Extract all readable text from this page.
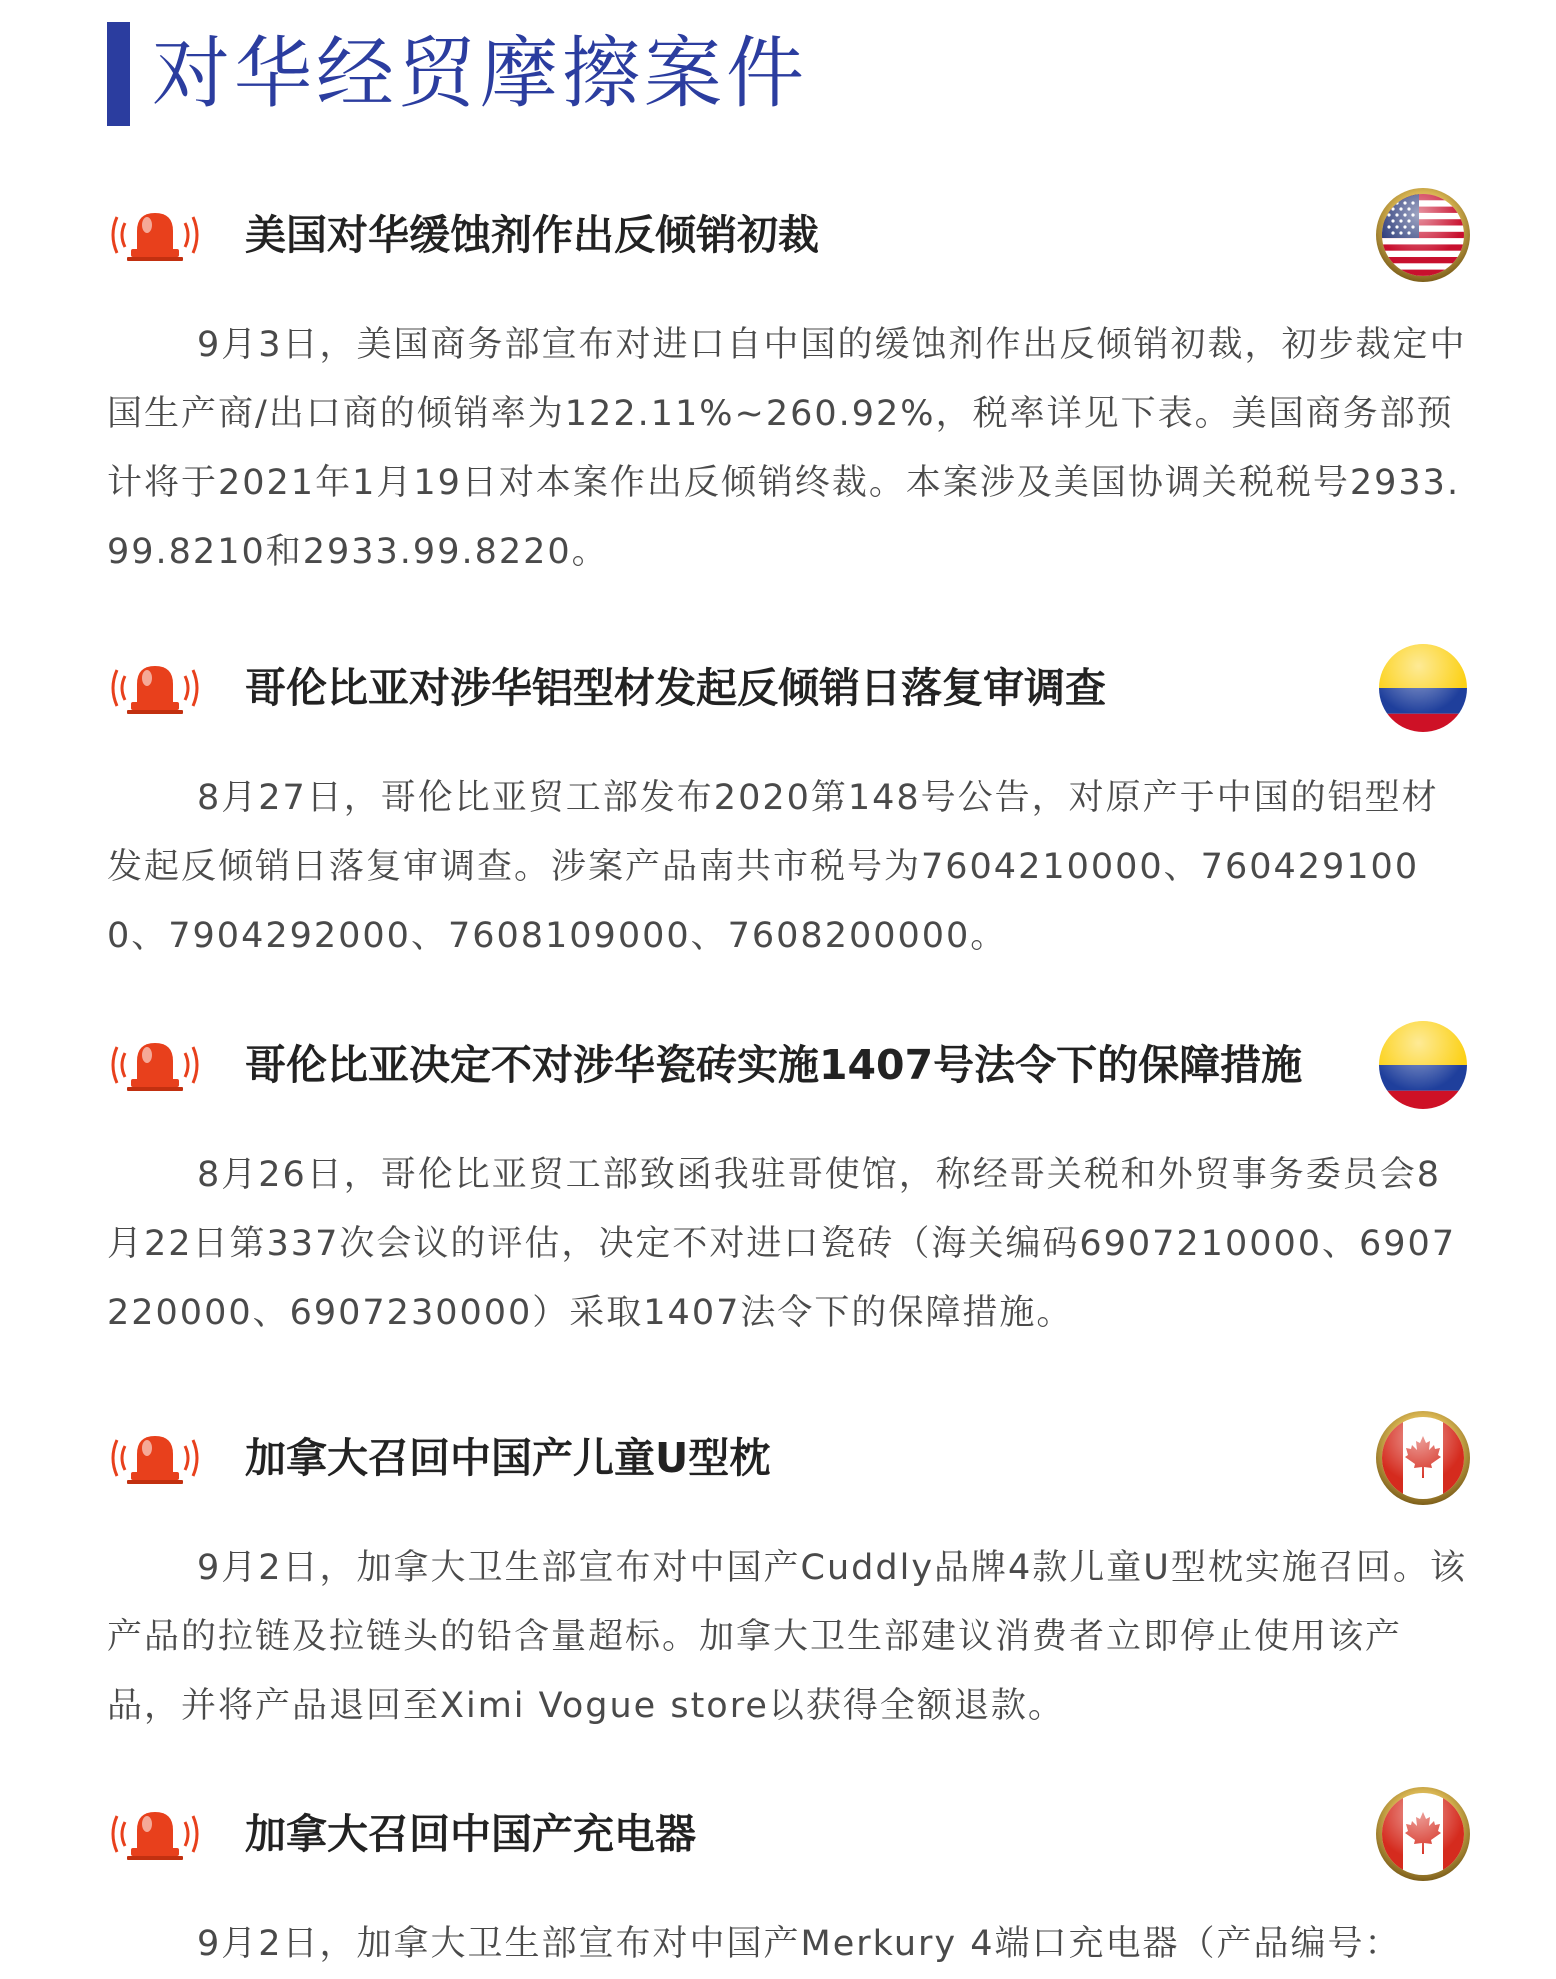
对华经贸摩擦案件
美国对华缓蚀剂作出反倾销初裁

9月3日，美国商务部宣布对进口自中国的缓蚀剂作出反倾销初裁，初步裁定中国生产商/出口商的倾销率为122.11%~260.92%，税率详见下表。美国商务部预计将于2021年1月19日对本案作出反倾销终裁。本案涉及美国协调关税税号2933.99.8210和2933.99.8220。

哥伦比亚对涉华铝型材发起反倾销日落复审调查

8月27日，哥伦比亚贸工部发布2020第148号公告，对原产于中国的铝型材发起反倾销日落复审调查。涉案产品南共市税号为7604210000、7604291000、7904292000、7608109000、7608200000。

哥伦比亚决定不对涉华瓷砖实施1407号法令下的保障措施

8月26日，哥伦比亚贸工部致函我驻哥使馆，称经哥关税和外贸事务委员会8月22日第337次会议的评估，决定不对进口瓷砖（海关编码6907210000、6907220000、6907230000）采取1407法令下的保障措施。

加拿大召回中国产儿童U型枕

9月2日，加拿大卫生部宣布对中国产Cuddly品牌4款儿童U型枕实施召回。该产品的拉链及拉链头的铅含量超标。加拿大卫生部建议消费者立即停止使用该产品，并将产品退回至Ximi Vogue store以获得全额退款。

加拿大召回中国产充电器

9月2日，加拿大卫生部宣布对中国产Merkury 4端口充电器（产品编号：
